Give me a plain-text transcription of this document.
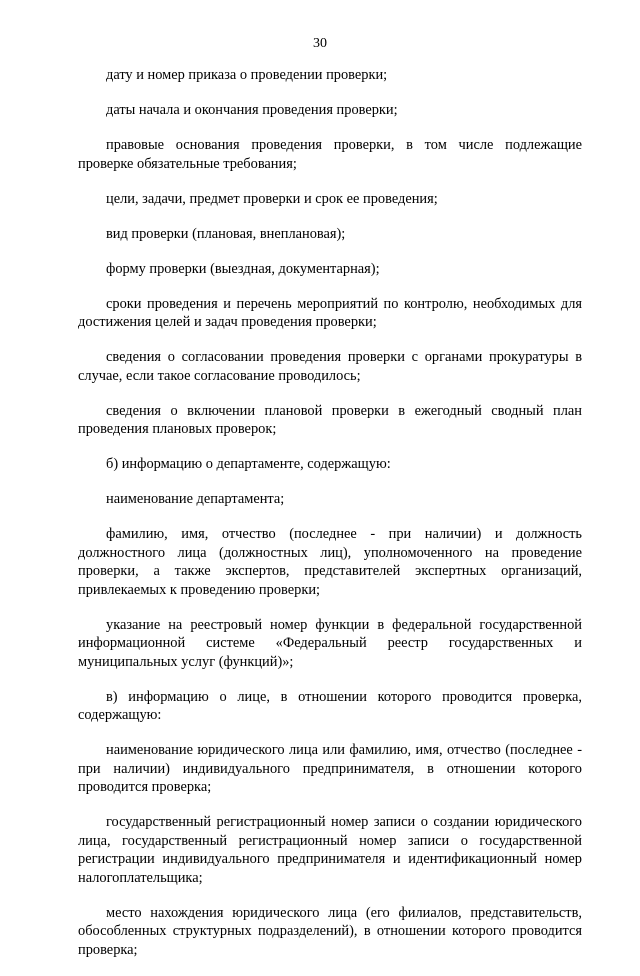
30

дату и номер приказа о проведении проверки;

даты начала и окончания проведения проверки;

правовые основания проведения проверки, в том числе подлежащие проверке обязательные требования;

цели, задачи, предмет проверки и срок ее проведения;

вид проверки (плановая, внеплановая);

форму проверки (выездная, документарная);

сроки проведения и перечень мероприятий по контролю, необходимых для достижения целей и задач проведения проверки;

сведения о согласовании проведения проверки с органами прокуратуры в случае, если такое согласование проводилось;

сведения о включении плановой проверки в ежегодный сводный план проведения плановых проверок;

б) информацию о департаменте, содержащую:

наименование департамента;

фамилию, имя, отчество (последнее - при наличии) и должность должностного лица (должностных лиц), уполномоченного на проведение проверки, а также экспертов, представителей экспертных организаций, привлекаемых к проведению проверки;

указание на реестровый номер функции в федеральной государственной информационной системе «Федеральный реестр государственных и муниципальных услуг (функций)»;

в) информацию о лице, в отношении которого проводится проверка, содержащую:

наименование юридического лица или фамилию, имя, отчество (последнее - при наличии) индивидуального предпринимателя, в отношении которого проводится проверка;

государственный регистрационный номер записи о создании юридического лица, государственный регистрационный номер записи о государственной регистрации индивидуального предпринимателя и идентификационный номер налогоплательщика;

место нахождения юридического лица (его филиалов, представительств, обособленных структурных подразделений), в отношении которого проводится проверка;
